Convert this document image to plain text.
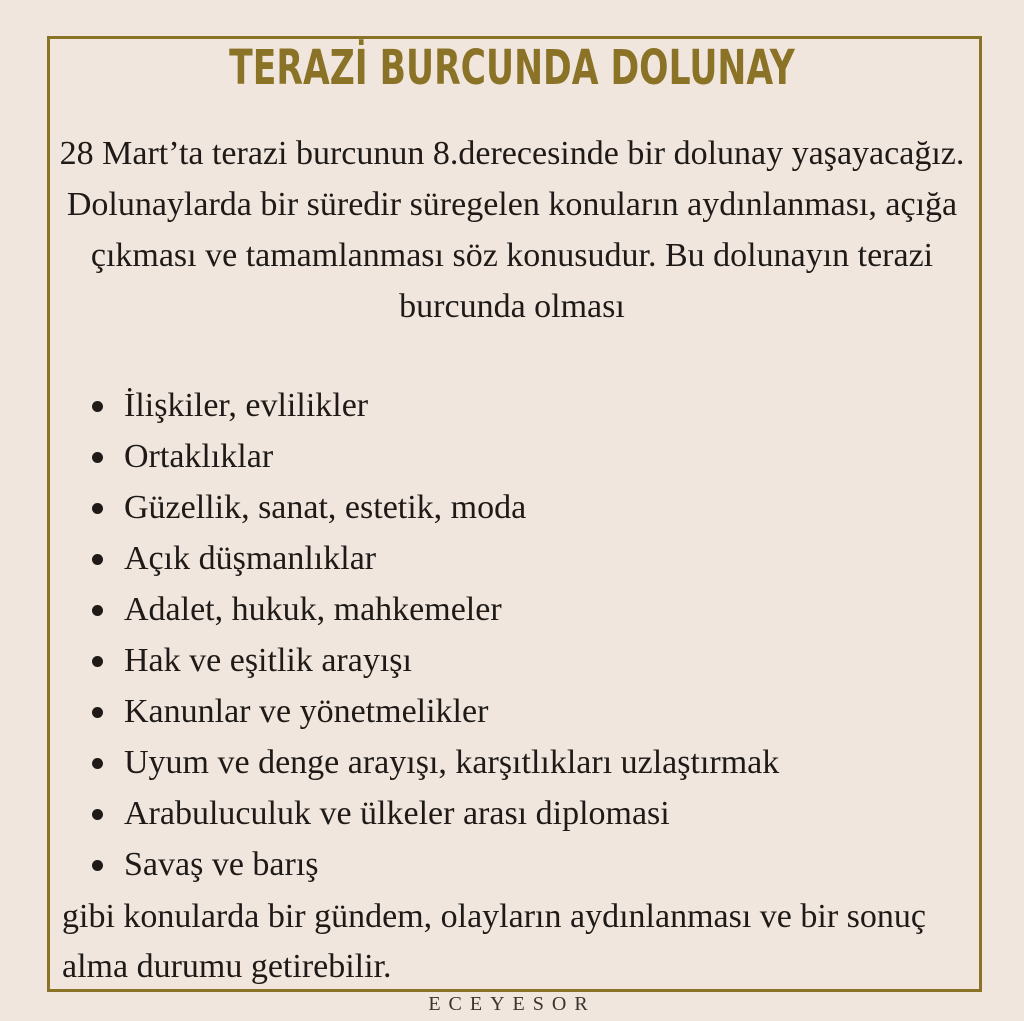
TERAZİ BURCUNDA DOLUNAY

28 Mart’ta terazi burcunun 8.derecesinde bir dolunay yaşayacağız. Dolunaylarda bir süredir süregelen konuların aydınlanması, açığa çıkması ve tamamlanması söz konusudur. Bu dolunayın terazi burcunda olması

İlişkiler, evlilikler
Ortaklıklar
Güzellik, sanat, estetik, moda
Açık düşmanlıklar
Adalet, hukuk, mahkemeler
Hak ve eşitlik arayışı
Kanunlar ve yönetmelikler
Uyum ve denge arayışı, karşıtlıkları uzlaştırmak
Arabuluculuk ve ülkeler arası diplomasi
Savaş ve barış

gibi konularda bir gündem, olayların aydınlanması ve bir sonuç alma durumu getirebilir.

ECEYESOR
